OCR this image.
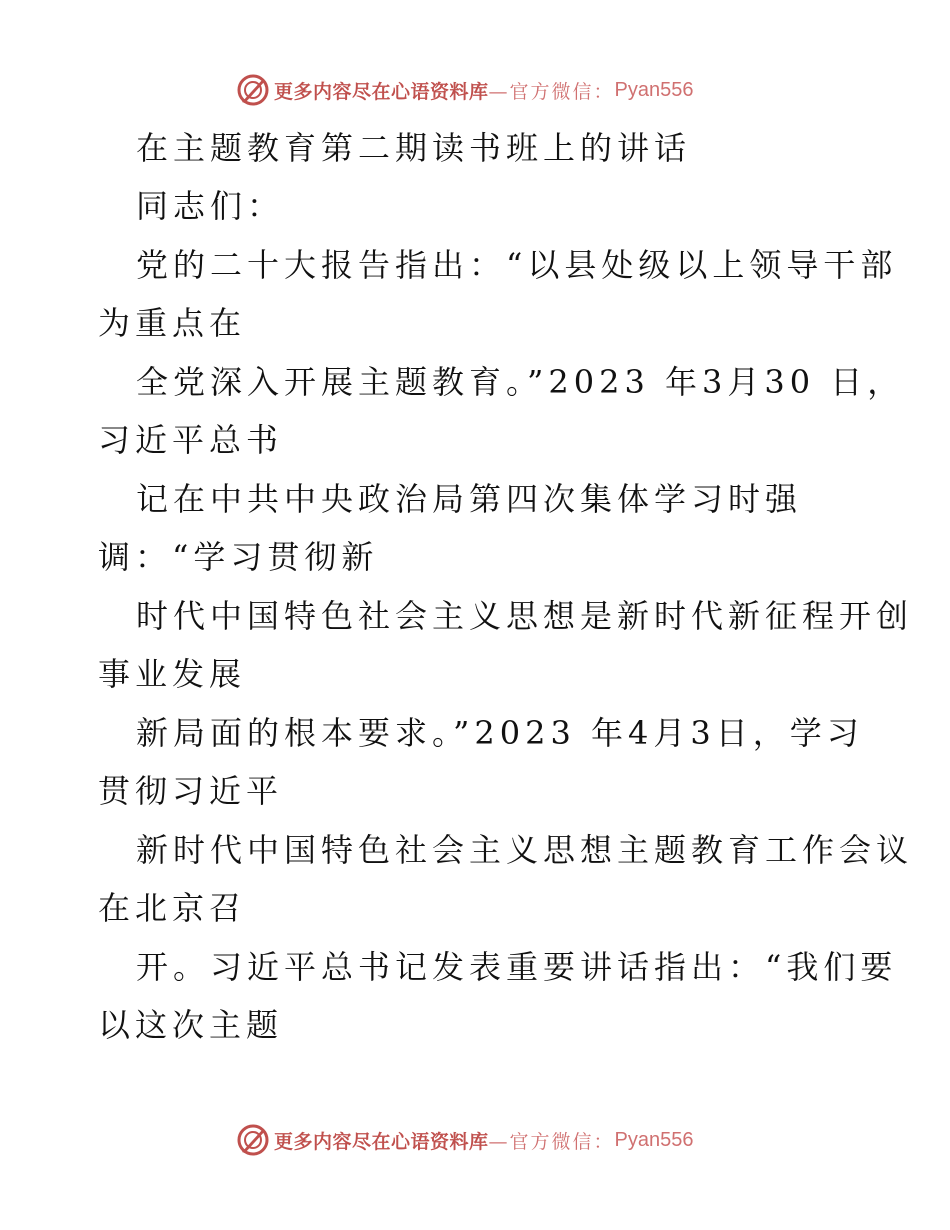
更多内容尽在心语资料库 —官方微信： Pyan556
在主题教育第二期读书班上的讲话
同志们：
党的二十大报告指出：“以县处级以上领导干部
为重点在
全党深入开展主题教育。”2023 年3月30 日，
习近平总书
记在中共中央政治局第四次集体学习时强
调：“学习贯彻新
时代中国特色社会主义思想是新时代新征程开创
事业发展
新局面的根本要求。”2023 年4月3日，学习
贯彻习近平
新时代中国特色社会主义思想主题教育工作会议
在北京召
开。习近平总书记发表重要讲话指出：“我们要
以这次主题
更多内容尽在心语资料库 —官方微信： Pyan556
